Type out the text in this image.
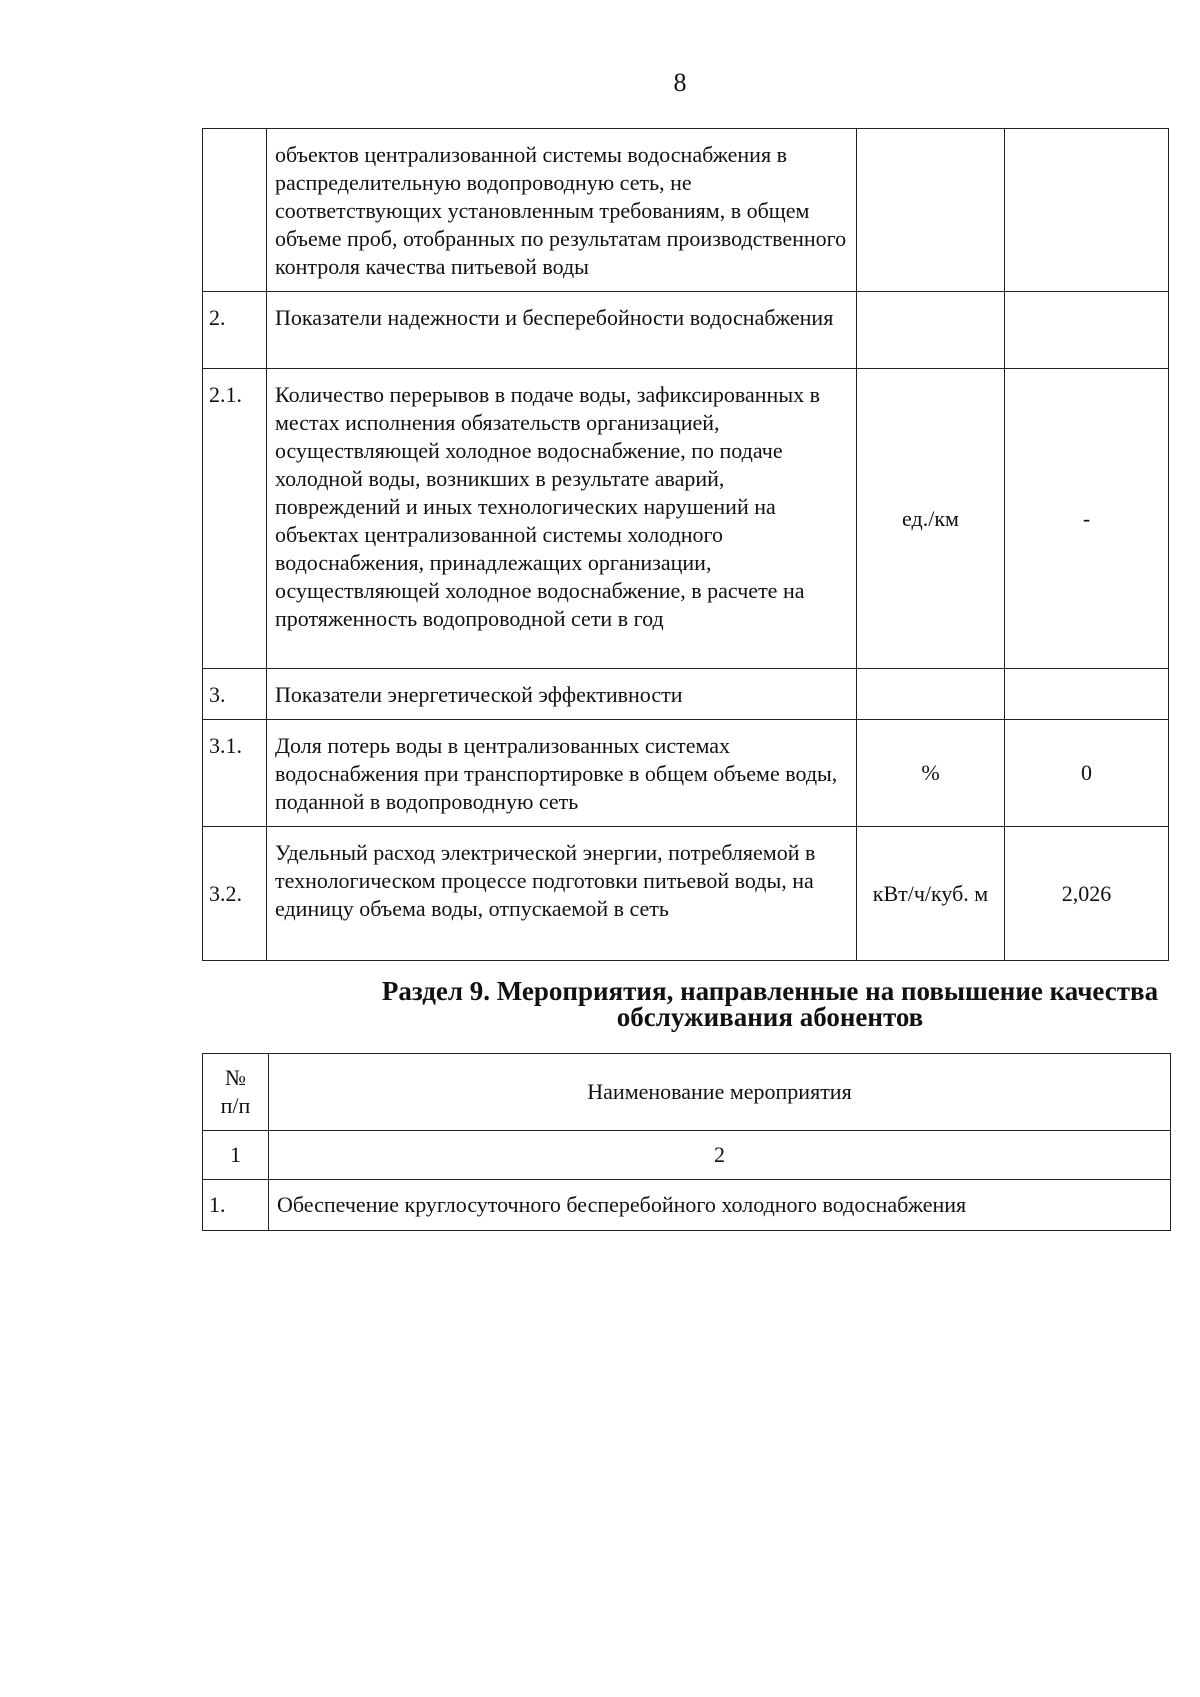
8
	объектов централизованной системы водоснабжения в распределительную водопроводную сеть, не соответствующих установленным требованиям, в общем объеме проб, отобранных по результатам производственного контроля качества питьевой воды		
2.	Показатели надежности и бесперебойности водоснабжения		
2.1.	Количество перерывов в подаче воды, зафиксированных в местах исполнения обязательств организацией, осуществляющей холодное водоснабжение, по подаче холодной воды, возникших в результате аварий, повреждений и иных технологических нарушений на объектах централизованной системы холодного водоснабжения, принадлежащих организации, осуществляющей холодное водоснабжение, в расчете на протяженность водопроводной сети в год	ед./км	-
3.	Показатели энергетической эффективности		
3.1.	Доля потерь воды в централизованных системах водоснабжения при транспортировке в общем объеме воды, поданной в водопроводную сеть	%	0
3.2.	Удельный расход электрической энергии, потребляемой в технологическом процессе подготовки питьевой воды, на единицу объема воды, отпускаемой в сеть	кВт/ч/куб. м	2,026
Раздел 9. Мероприятия, направленные на повышение качества
обслуживания абонентов
№
п/п	Наименование мероприятия
1	2
1.	Обеспечение круглосуточного бесперебойного холодного водоснабжения
